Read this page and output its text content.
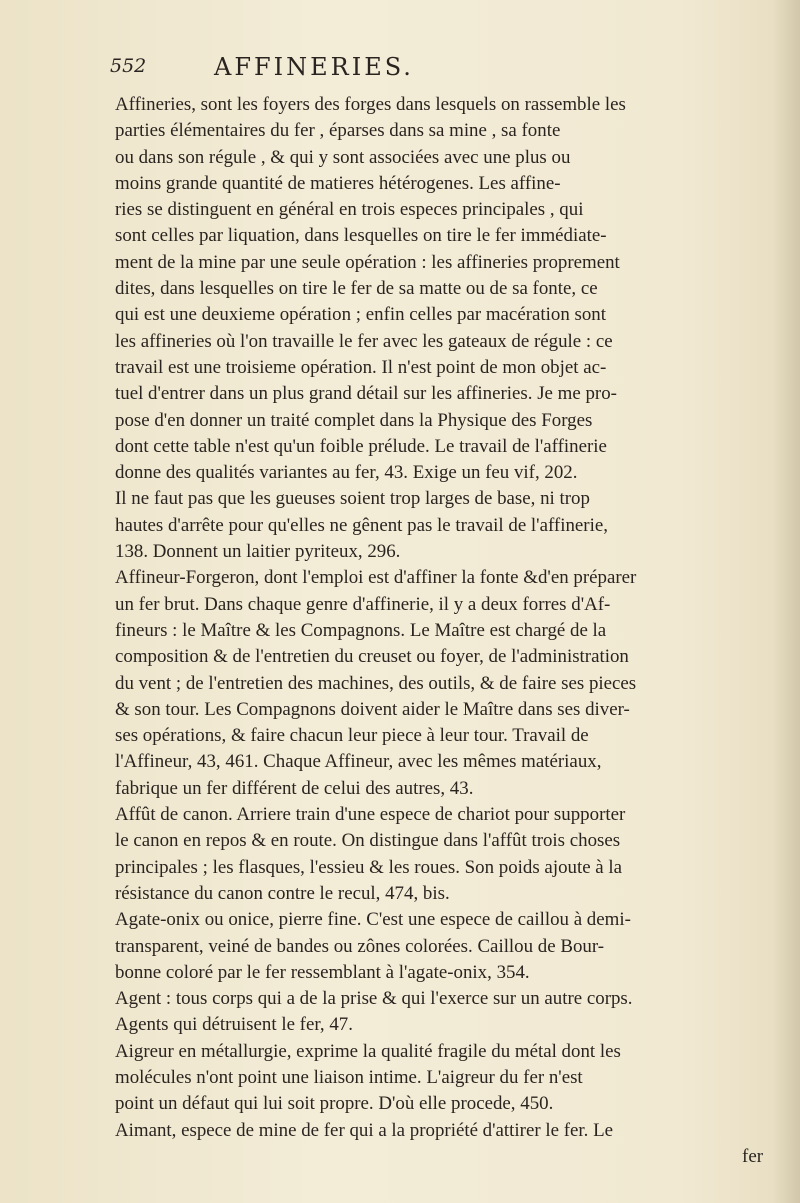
552	AFFINERIES.

Affineries, sont les foyers des forges dans lesquels on rassemble les
parties élémentaires du fer , éparses dans sa mine , sa fonte
ou dans son régule , & qui y sont associées avec une plus ou
moins grande quantité de matieres hétérogenes. Les affine-
ries se distinguent en général en trois especes principales , qui
sont celles par liquation, dans lesquelles on tire le fer immédiate-
ment de la mine par une seule opération : les affineries proprement
dites, dans lesquelles on tire le fer de sa matte ou de sa fonte, ce
qui est une deuxieme opération ; enfin celles par macération sont
les affineries où l'on travaille le fer avec les gateaux de régule : ce
travail est une troisieme opération. Il n'est point de mon objet ac-
tuel d'entrer dans un plus grand détail sur les affineries. Je me pro-
pose d'en donner un traité complet dans la Physique des Forges
dont cette table n'est qu'un foible prélude. Le travail de l'affinerie
donne des qualités variantes au fer, 43. Exige un feu vif, 202.
Il ne faut pas que les gueuses soient trop larges de base, ni trop
hautes d'arrête pour qu'elles ne gênent pas le travail de l'affinerie,
138. Donnent un laitier pyriteux, 296.

Affineur-Forgeron, dont l'emploi est d'affiner la fonte &d'en préparer
un fer brut. Dans chaque genre d'affinerie, il y a deux forres d'Af-
fineurs : le Maître & les Compagnons. Le Maître est chargé de la
composition & de l'entretien du creuset ou foyer, de l'administration
du vent ; de l'entretien des machines, des outils, & de faire ses pieces
& son tour. Les Compagnons doivent aider le Maître dans ses diver-
ses opérations, & faire chacun leur piece à leur tour. Travail de
l'Affineur, 43, 461. Chaque Affineur, avec les mêmes matériaux,
fabrique un fer différent de celui des autres, 43.

Affût de canon. Arriere train d'une espece de chariot pour supporter
le canon en repos & en route. On distingue dans l'affût trois choses
principales ; les flasques, l'essieu & les roues. Son poids ajoute à la
résistance du canon contre le recul, 474, bis.

Agate-onix ou onice, pierre fine. C'est une espece de caillou à demi-
transparent, veiné de bandes ou zônes colorées. Caillou de Bour-
bonne coloré par le fer ressemblant à l'agate-onix, 354.

Agent : tous corps qui a de la prise & qui l'exerce sur un autre corps.
Agents qui détruisent le fer, 47.

Aigreur en métallurgie, exprime la qualité fragile du métal dont les
molécules n'ont point une liaison intime. L'aigreur du fer n'est
point un défaut qui lui soit propre. D'où elle procede, 450.

Aimant, espece de mine de fer qui a la propriété d'attirer le fer. Le
fer
